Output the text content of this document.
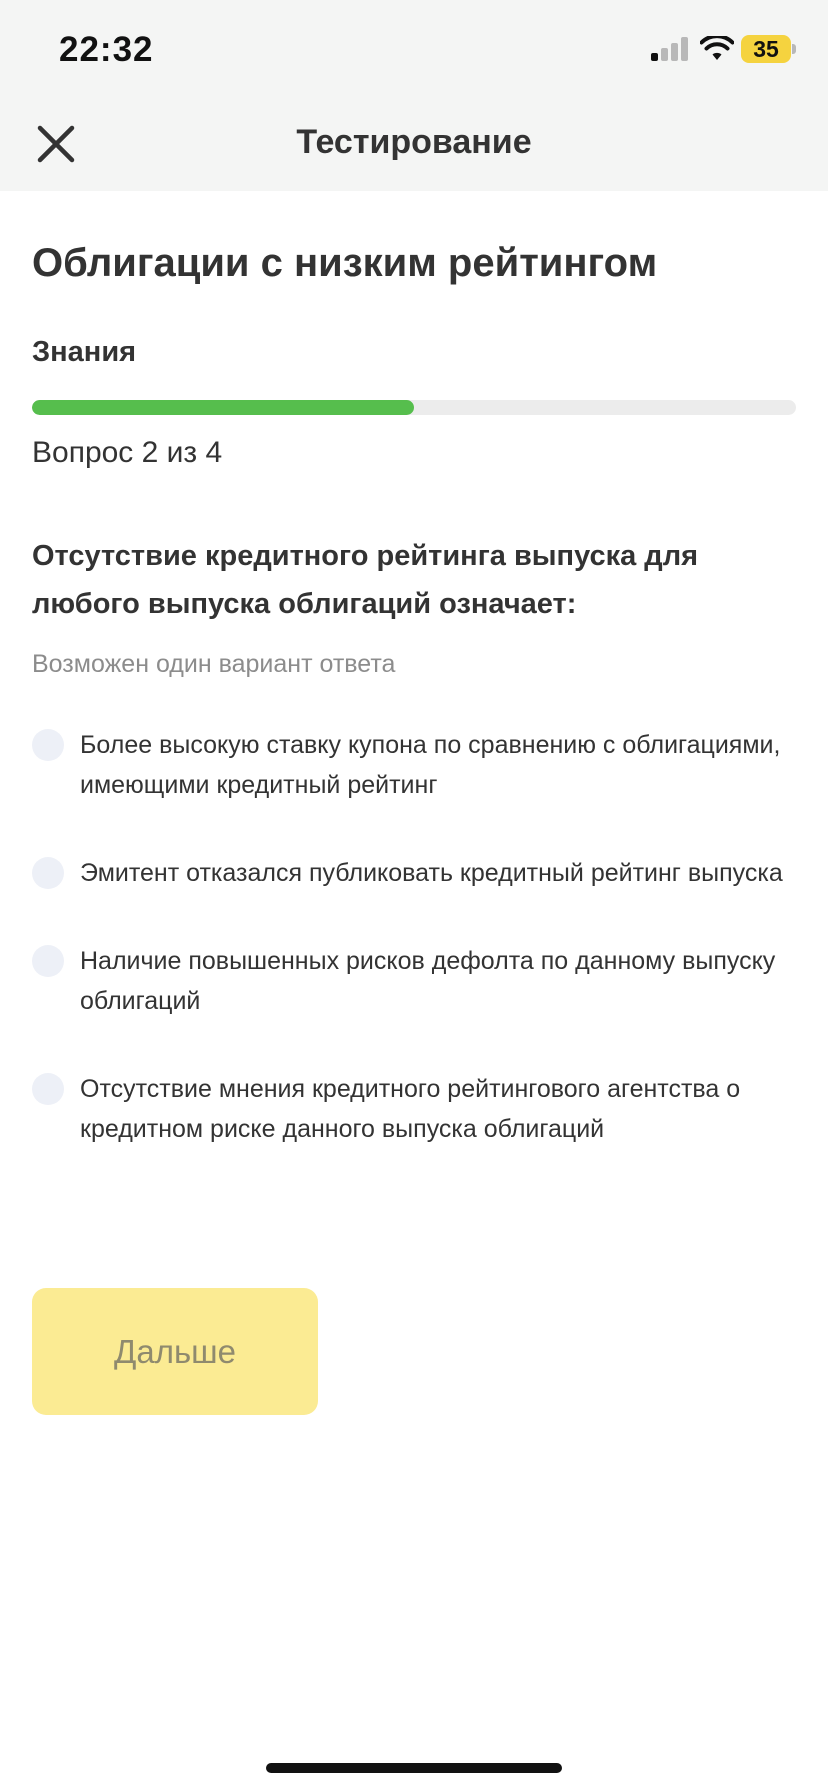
22:32	35
Тестирование
Облигации с низким рейтингом
Знания
Вопрос 2 из 4
Отсутствие кредитного рейтинга выпуска для любого выпуска облигаций означает:
Возможен один вариант ответа
Более высокую ставку купона по сравнению с облигациями, имеющими кредитный рейтинг
Эмитент отказался публиковать кредитный рейтинг выпуска
Наличие повышенных рисков дефолта по данному выпуску облигаций
Отсутствие мнения кредитного рейтингового агентства о кредитном риске данного выпуска облигаций
Дальше
